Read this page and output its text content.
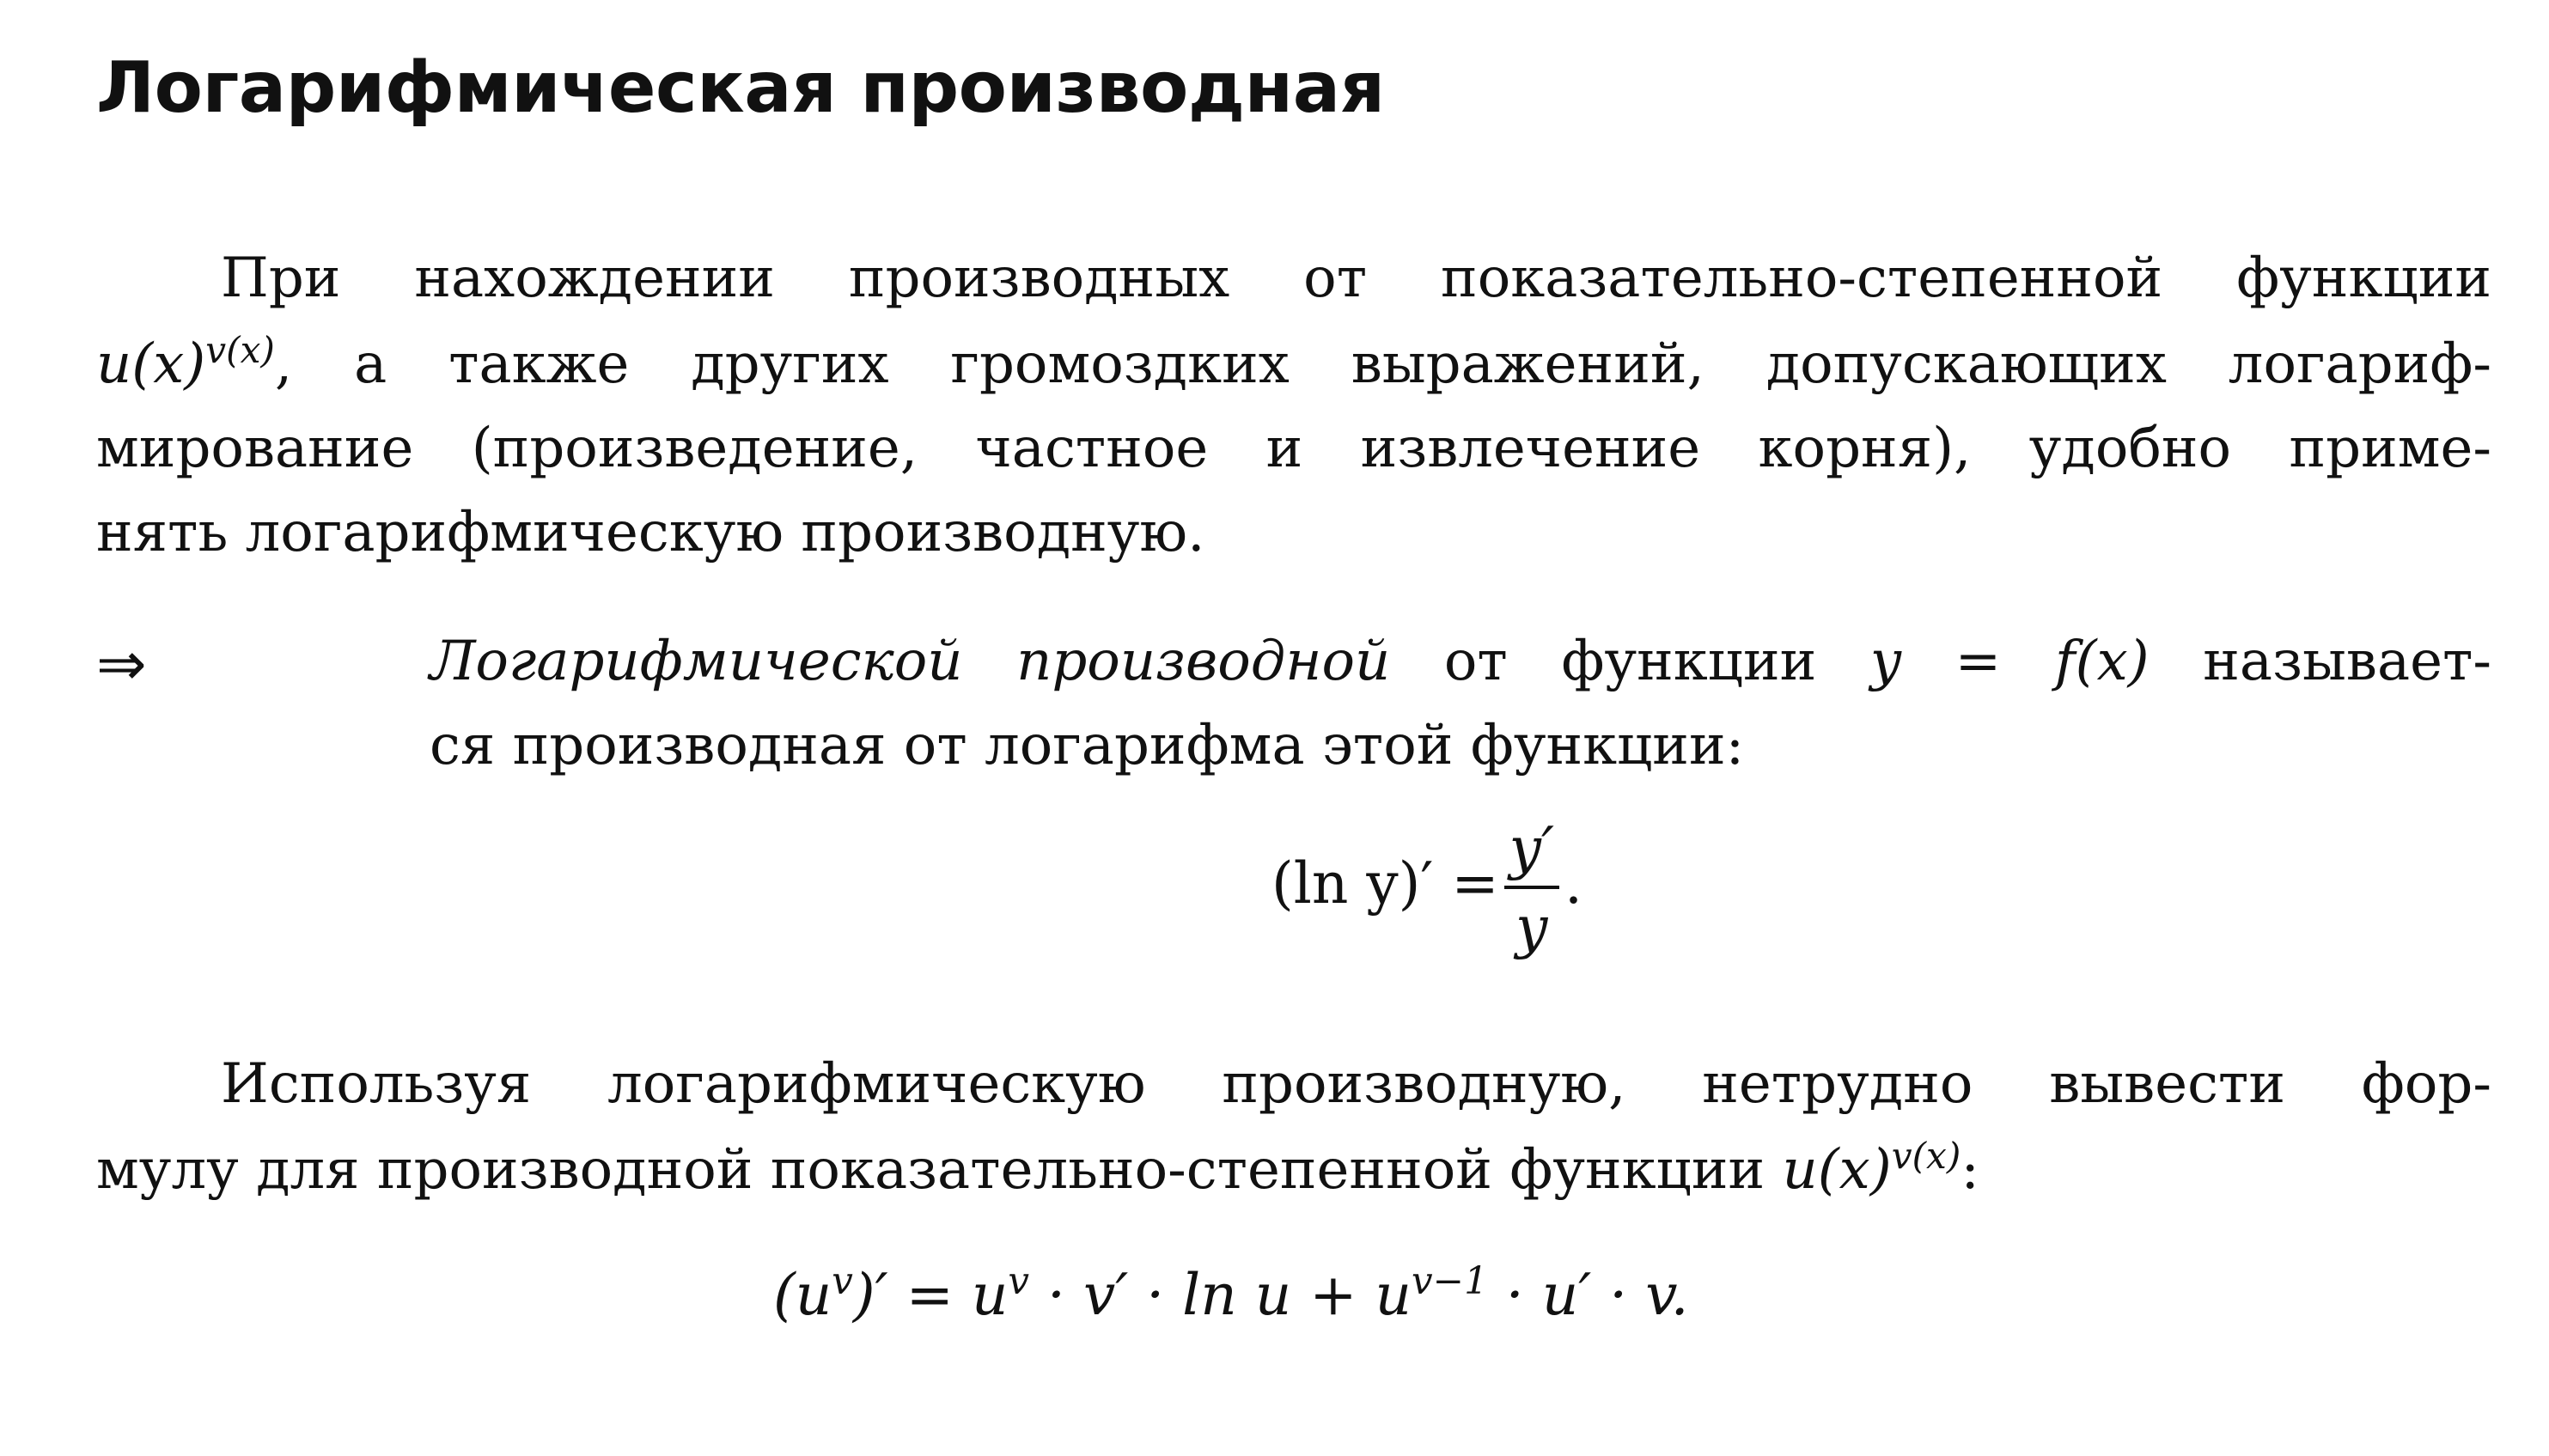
Логарифмическая производная
При нахождении производных от показательно-степенной функции
$u(x)^{v(x)}$, а также других громоздких выражений, допускающих логариф-
мирование (произведение, частное и извлечение корня), удобно приме-
нять логарифмическую производную.
⇒	Логарифмической производной от функции y = f(x) называет-
ся производная от логарифма этой функции:
(ln $y)' = \frac{y'}{y}$ .
Используя логарифмическую производную, нетрудно вывести фор-
мулу для производной показательно-степенной функции $u(x)^{v(x)}$:
$(u^v)' = u^v \cdot v' \cdot \ln u + u^{v-1} \cdot u' \cdot v$.
